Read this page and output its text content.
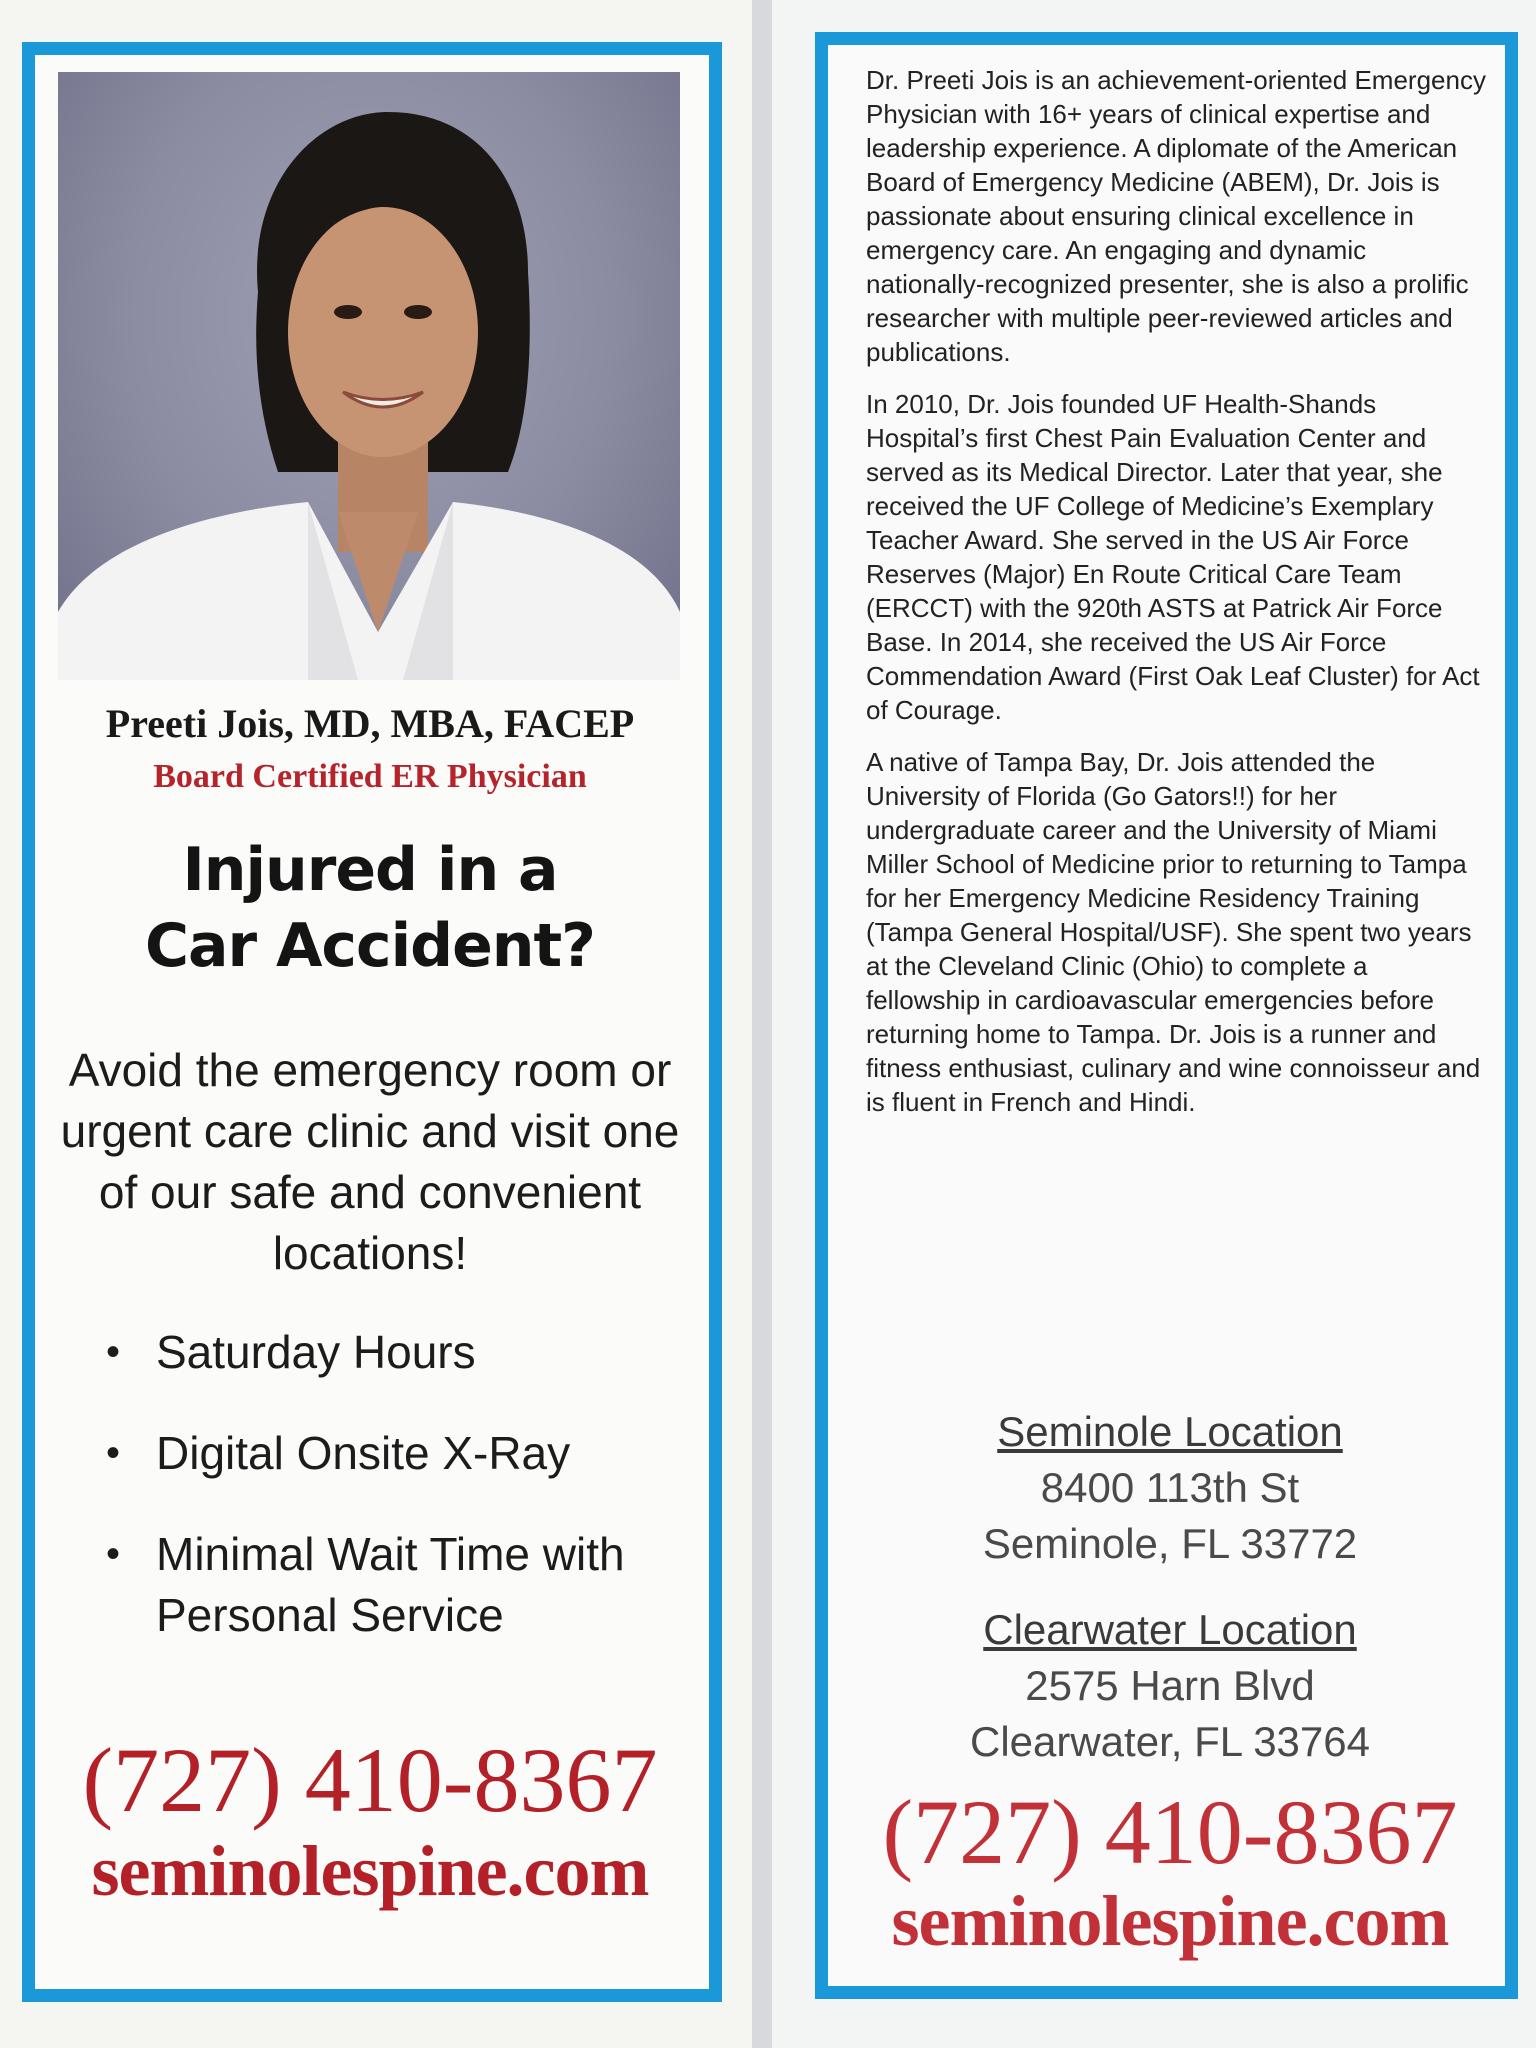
Preeti Jois, MD, MBA, FACEP
Board Certified ER Physician
Injured in a
Car Accident?
Avoid the emergency room or urgent care clinic and visit one of our safe and convenient locations!
• Saturday Hours
• Digital Onsite X-Ray
• Minimal Wait Time with Personal Service
(727) 410-8367
seminolespine.com

Dr. Preeti Jois is an achievement-oriented Emergency Physician with 16+ years of clinical expertise and leadership experience. A diplomate of the American Board of Emergency Medicine (ABEM), Dr. Jois is passionate about ensuring clinical excellence in emergency care. An engaging and dynamic nationally-recognized presenter, she is also a prolific researcher with multiple peer-reviewed articles and publications.

In 2010, Dr. Jois founded UF Health-Shands Hospital’s first Chest Pain Evaluation Center and served as its Medical Director. Later that year, she received the UF College of Medicine’s Exemplary Teacher Award. She served in the US Air Force Reserves (Major) En Route Critical Care Team (ERCCT) with the 920th ASTS at Patrick Air Force Base. In 2014, she received the US Air Force Commendation Award (First Oak Leaf Cluster) for Act of Courage.

A native of Tampa Bay, Dr. Jois attended the University of Florida (Go Gators!!) for her undergraduate career and the University of Miami Miller School of Medicine prior to returning to Tampa for her Emergency Medicine Residency Training (Tampa General Hospital/USF). She spent two years at the Cleveland Clinic (Ohio) to complete a fellowship in cardioavascular emergencies before returning home to Tampa. Dr. Jois is a runner and fitness enthusiast, culinary and wine connoisseur and is fluent in French and Hindi.

Seminole Location
8400 113th St
Seminole, FL 33772
Clearwater Location
2575 Harn Blvd
Clearwater, FL 33764
(727) 410-8367
seminolespine.com
